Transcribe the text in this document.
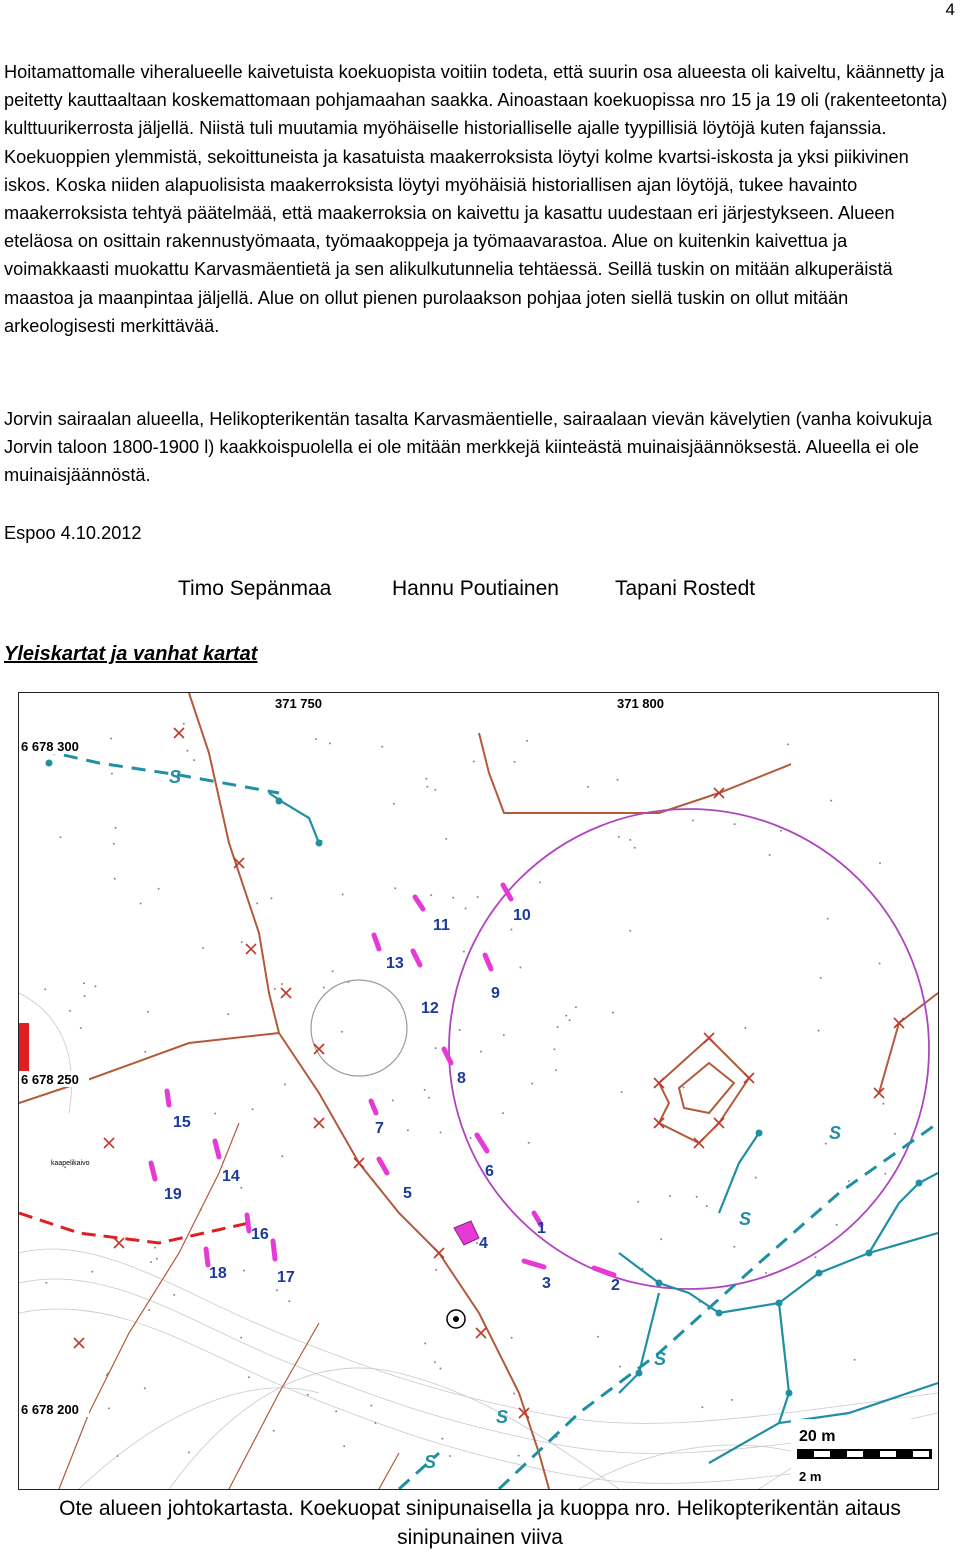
4

Hoitamattomalle viheralueelle kaivetuista koekuopista voitiin todeta, että suurin osa alueesta oli kaiveltu, käännetty ja peitetty kauttaaltaan koskemattomaan pohjamaahan saakka. Ainoastaan koekuopissa nro 15 ja 19 oli (rakenteetonta) kulttuurikerrosta jäljellä. Niistä tuli muutamia myöhäiselle historialliselle ajalle tyypillisiä löytöjä kuten fajanssia. Koekuoppien ylemmistä, sekoittuneista ja kasatuista maakerroksista löytyi kolme kvartsi-iskosta ja yksi piikivinen iskos. Koska niiden alapuolisista maakerroksista löytyi myöhäisiä historiallisen ajan löytöjä, tukee havainto maakerroksista tehtyä päätelmää, että maakerroksia on kaivettu ja kasattu uudestaan eri järjestykseen. Alueen eteläosa on osittain rakennustyömaata, työmaakoppeja ja työmaavarastoa. Alue on kuitenkin kaivettua ja voimakkaasti muokattu Karvasmäentietä ja sen alikulkutunnelia tehtäessä. Seillä tuskin on mitään alkuperäistä maastoa ja maanpintaa jäljellä. Alue on ollut pienen purolaakson pohjaa joten siellä tuskin on ollut mitään arkeologisesti merkittävää.

Jorvin sairaalan alueella, Helikopterikentän tasalta Karvasmäentielle, sairaalaan vievän kävelytien (vanha koivukuja Jorvin taloon 1800-1900 l) kaakkoispuolella ei ole mitään merkkejä kiinteästä muinaisjäännöksestä. Alueella ei ole muinaisjäännöstä.

Espoo 4.10.2012

Timo Sepänmaa	Hannu Poutiainen	Tapani Rostedt
Yleiskartat ja vanhat kartat
S
S
S
S
S
S
1
2
3
4
5
6
7
8
9
10
11
12
13
14
15
16
17
18
19
kaapelikaivo
371 750	371 800
6 678 300
6 678 250
6 678 200
20 m
2 m
Ote alueen johtokartasta. Koekuopat sinipunaisella ja kuoppa nro. Helikopterikentän aitaus sinipunainen viiva
